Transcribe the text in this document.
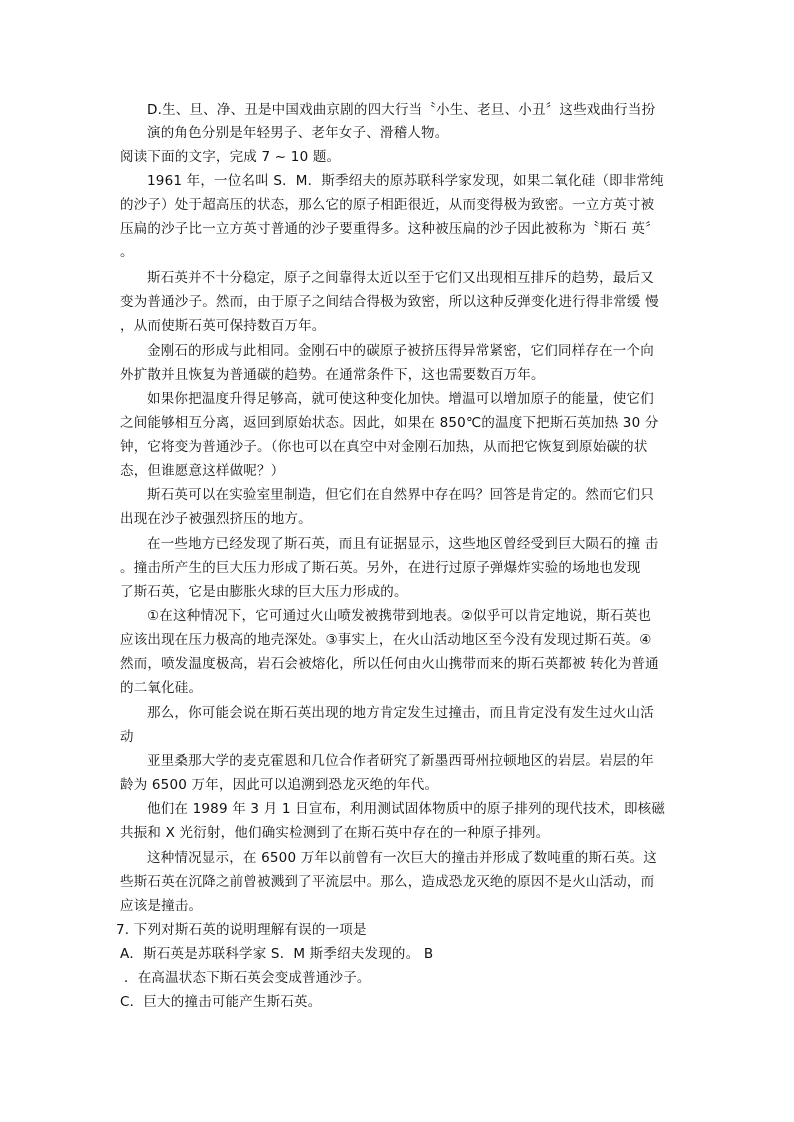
D.生、旦、净、丑是中国戏曲京剧的四大行当〝小生、老旦、小丑〞这些戏曲行当扮
演的角色分别是年轻男子、老年女子、滑稽人物。
阅读下面的文字，完成 7 ~ 10 题。
1961 年，一位名叫 S．M．斯季绍夫的原苏联科学家发现，如果二氧化硅（即非常纯
的沙子）处于超高压的状态，那么它的原子相距很近，从而变得极为致密。一立方英寸被
压扁的沙子比一立方英寸普通的沙子要重得多。这种被压扁的沙子因此被称为〝斯石 英〞
。
斯石英并不十分稳定，原子之间靠得太近以至于它们又出现相互排斥的趋势，最后又
变为普通沙子。然而，由于原子之间结合得极为致密，所以这种反弹变化进行得非常缓 慢
，从而使斯石英可保持数百万年。
金刚石的形成与此相同。金刚石中的碳原子被挤压得异常紧密，它们同样存在一个向
外扩散并且恢复为普通碳的趋势。在通常条件下，这也需要数百万年。
如果你把温度升得足够高，就可使这种变化加快。增温可以增加原子的能量，使它们
之间能够相互分离，返回到原始状态。因此，如果在 850℃的温度下把斯石英加热 30 分
钟，它将变为普通沙子。（你也可以在真空中对金刚石加热，从而把它恢复到原始碳的状
态，但谁愿意这样做呢？）
斯石英可以在实验室里制造，但它们在自然界中存在吗？回答是肯定的。然而它们只
出现在沙子被强烈挤压的地方。
在一些地方已经发现了斯石英，而且有证据显示，这些地区曾经受到巨大陨石的撞 击
。撞击所产生的巨大压力形成了斯石英。另外，在进行过原子弹爆炸实验的场地也发现
了斯石英，它是由膨胀火球的巨大压力形成的。
①在这种情况下，它可通过火山喷发被携带到地表。②似乎可以肯定地说，斯石英也
应该出现在压力极高的地壳深处。③事实上，在火山活动地区至今没有发现过斯石英。④
然而，喷发温度极高，岩石会被熔化，所以任何由火山携带而来的斯石英都被 转化为普通
的二氧化硅。
那么，你可能会说在斯石英出现的地方肯定发生过撞击，而且肯定没有发生过火山活
动
亚里桑那大学的麦克霍恩和几位合作者研究了新墨西哥州拉顿地区的岩层。岩层的年
龄为 6500 万年，因此可以追溯到恐龙灭绝的年代。
他们在 1989 年 3 月 1 日宣布，利用测试固体物质中的原子排列的现代技术，即核磁
共振和 X 光衍射，他们确实检测到了在斯石英中存在的一种原子排列。
这种情况显示，在 6500 万年以前曾有一次巨大的撞击并形成了数吨重的斯石英。这
些斯石英在沉降之前曾被溅到了平流层中。那么，造成恐龙灭绝的原因不是火山活动，而
应该是撞击。
7. 下列对斯石英的说明理解有误的一项是
A．斯石英是苏联科学家 S．M 斯季绍夫发现的。 B
．在高温状态下斯石英会变成普通沙子。
C．巨大的撞击可能产生斯石英。
